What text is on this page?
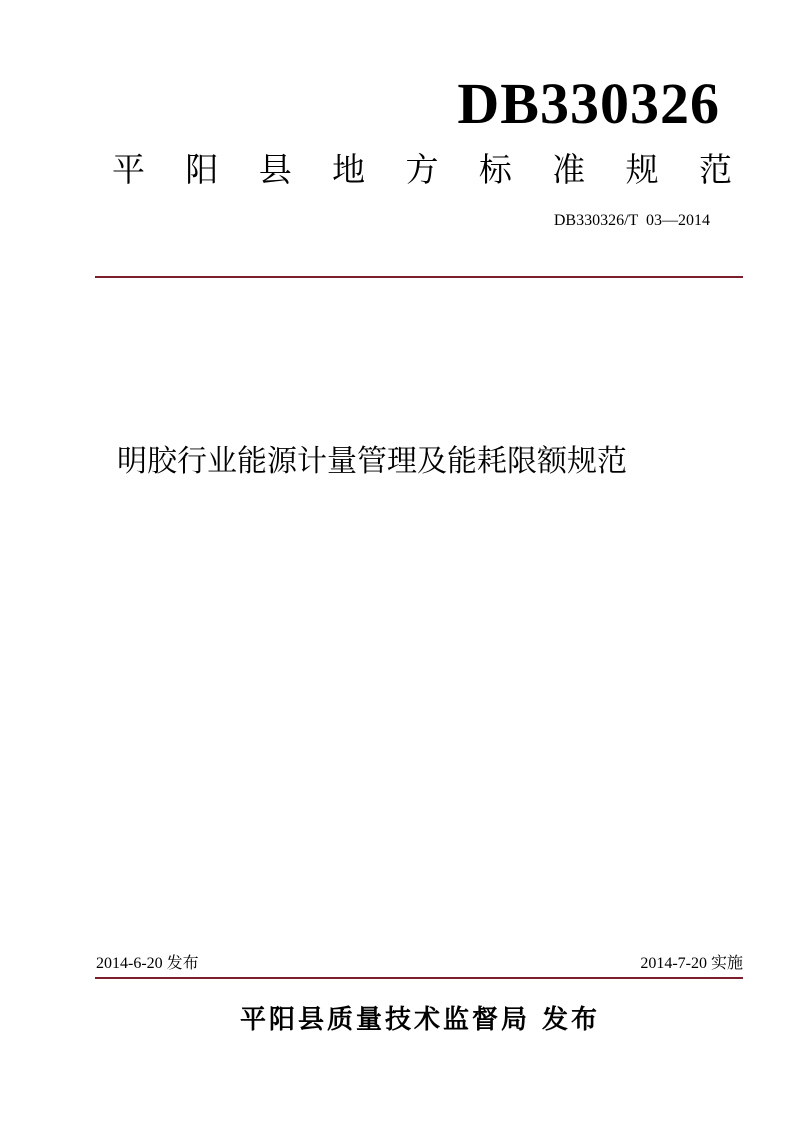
DB330326
平 阳 县 地 方 标 准 规 范
DB330326/T  03—2014
明胶行业能源计量管理及能耗限额规范
2014-6-20 发布	2014-7-20 实施
平阳县质量技术监督局 发布
